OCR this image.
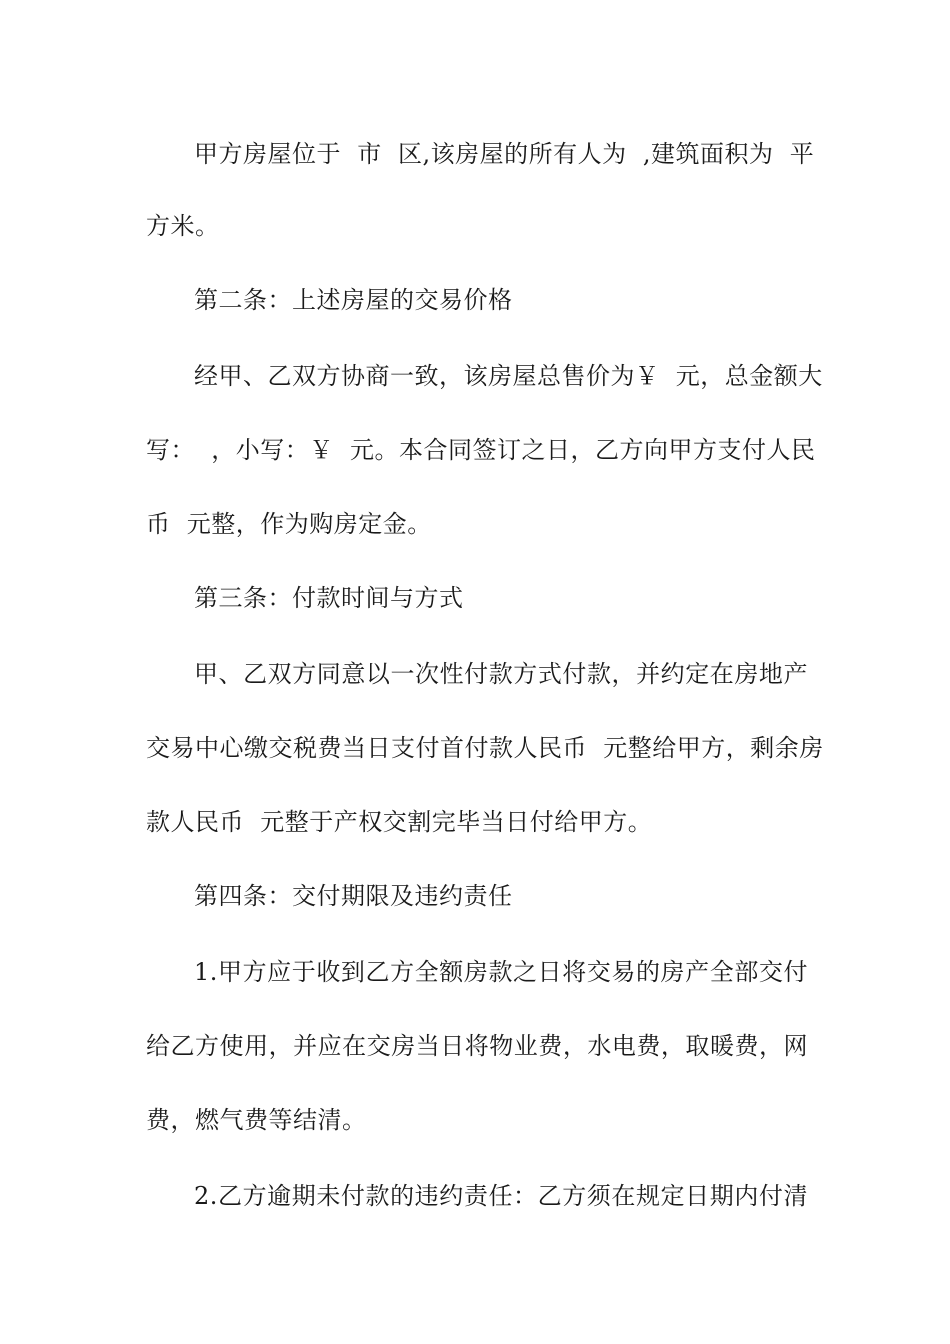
甲方房屋位于  市  区,该房屋的所有人为  ,建筑面积为  平
方米。
第二条：上述房屋的交易价格
经甲、乙双方协商一致，该房屋总售价为￥  元，总金额大
写：  ，小写：￥  元。本合同签订之日，乙方向甲方支付人民
币  元整，作为购房定金。
第三条：付款时间与方式
甲、乙双方同意以一次性付款方式付款，并约定在房地产
交易中心缴交税费当日支付首付款人民币  元整给甲方，剩余房
款人民币  元整于产权交割完毕当日付给甲方。
第四条：交付期限及违约责任
1.甲方应于收到乙方全额房款之日将交易的房产全部交付
给乙方使用，并应在交房当日将物业费，水电费，取暖费，网
费，燃气费等结清。
2.乙方逾期未付款的违约责任：乙方须在规定日期内付清
